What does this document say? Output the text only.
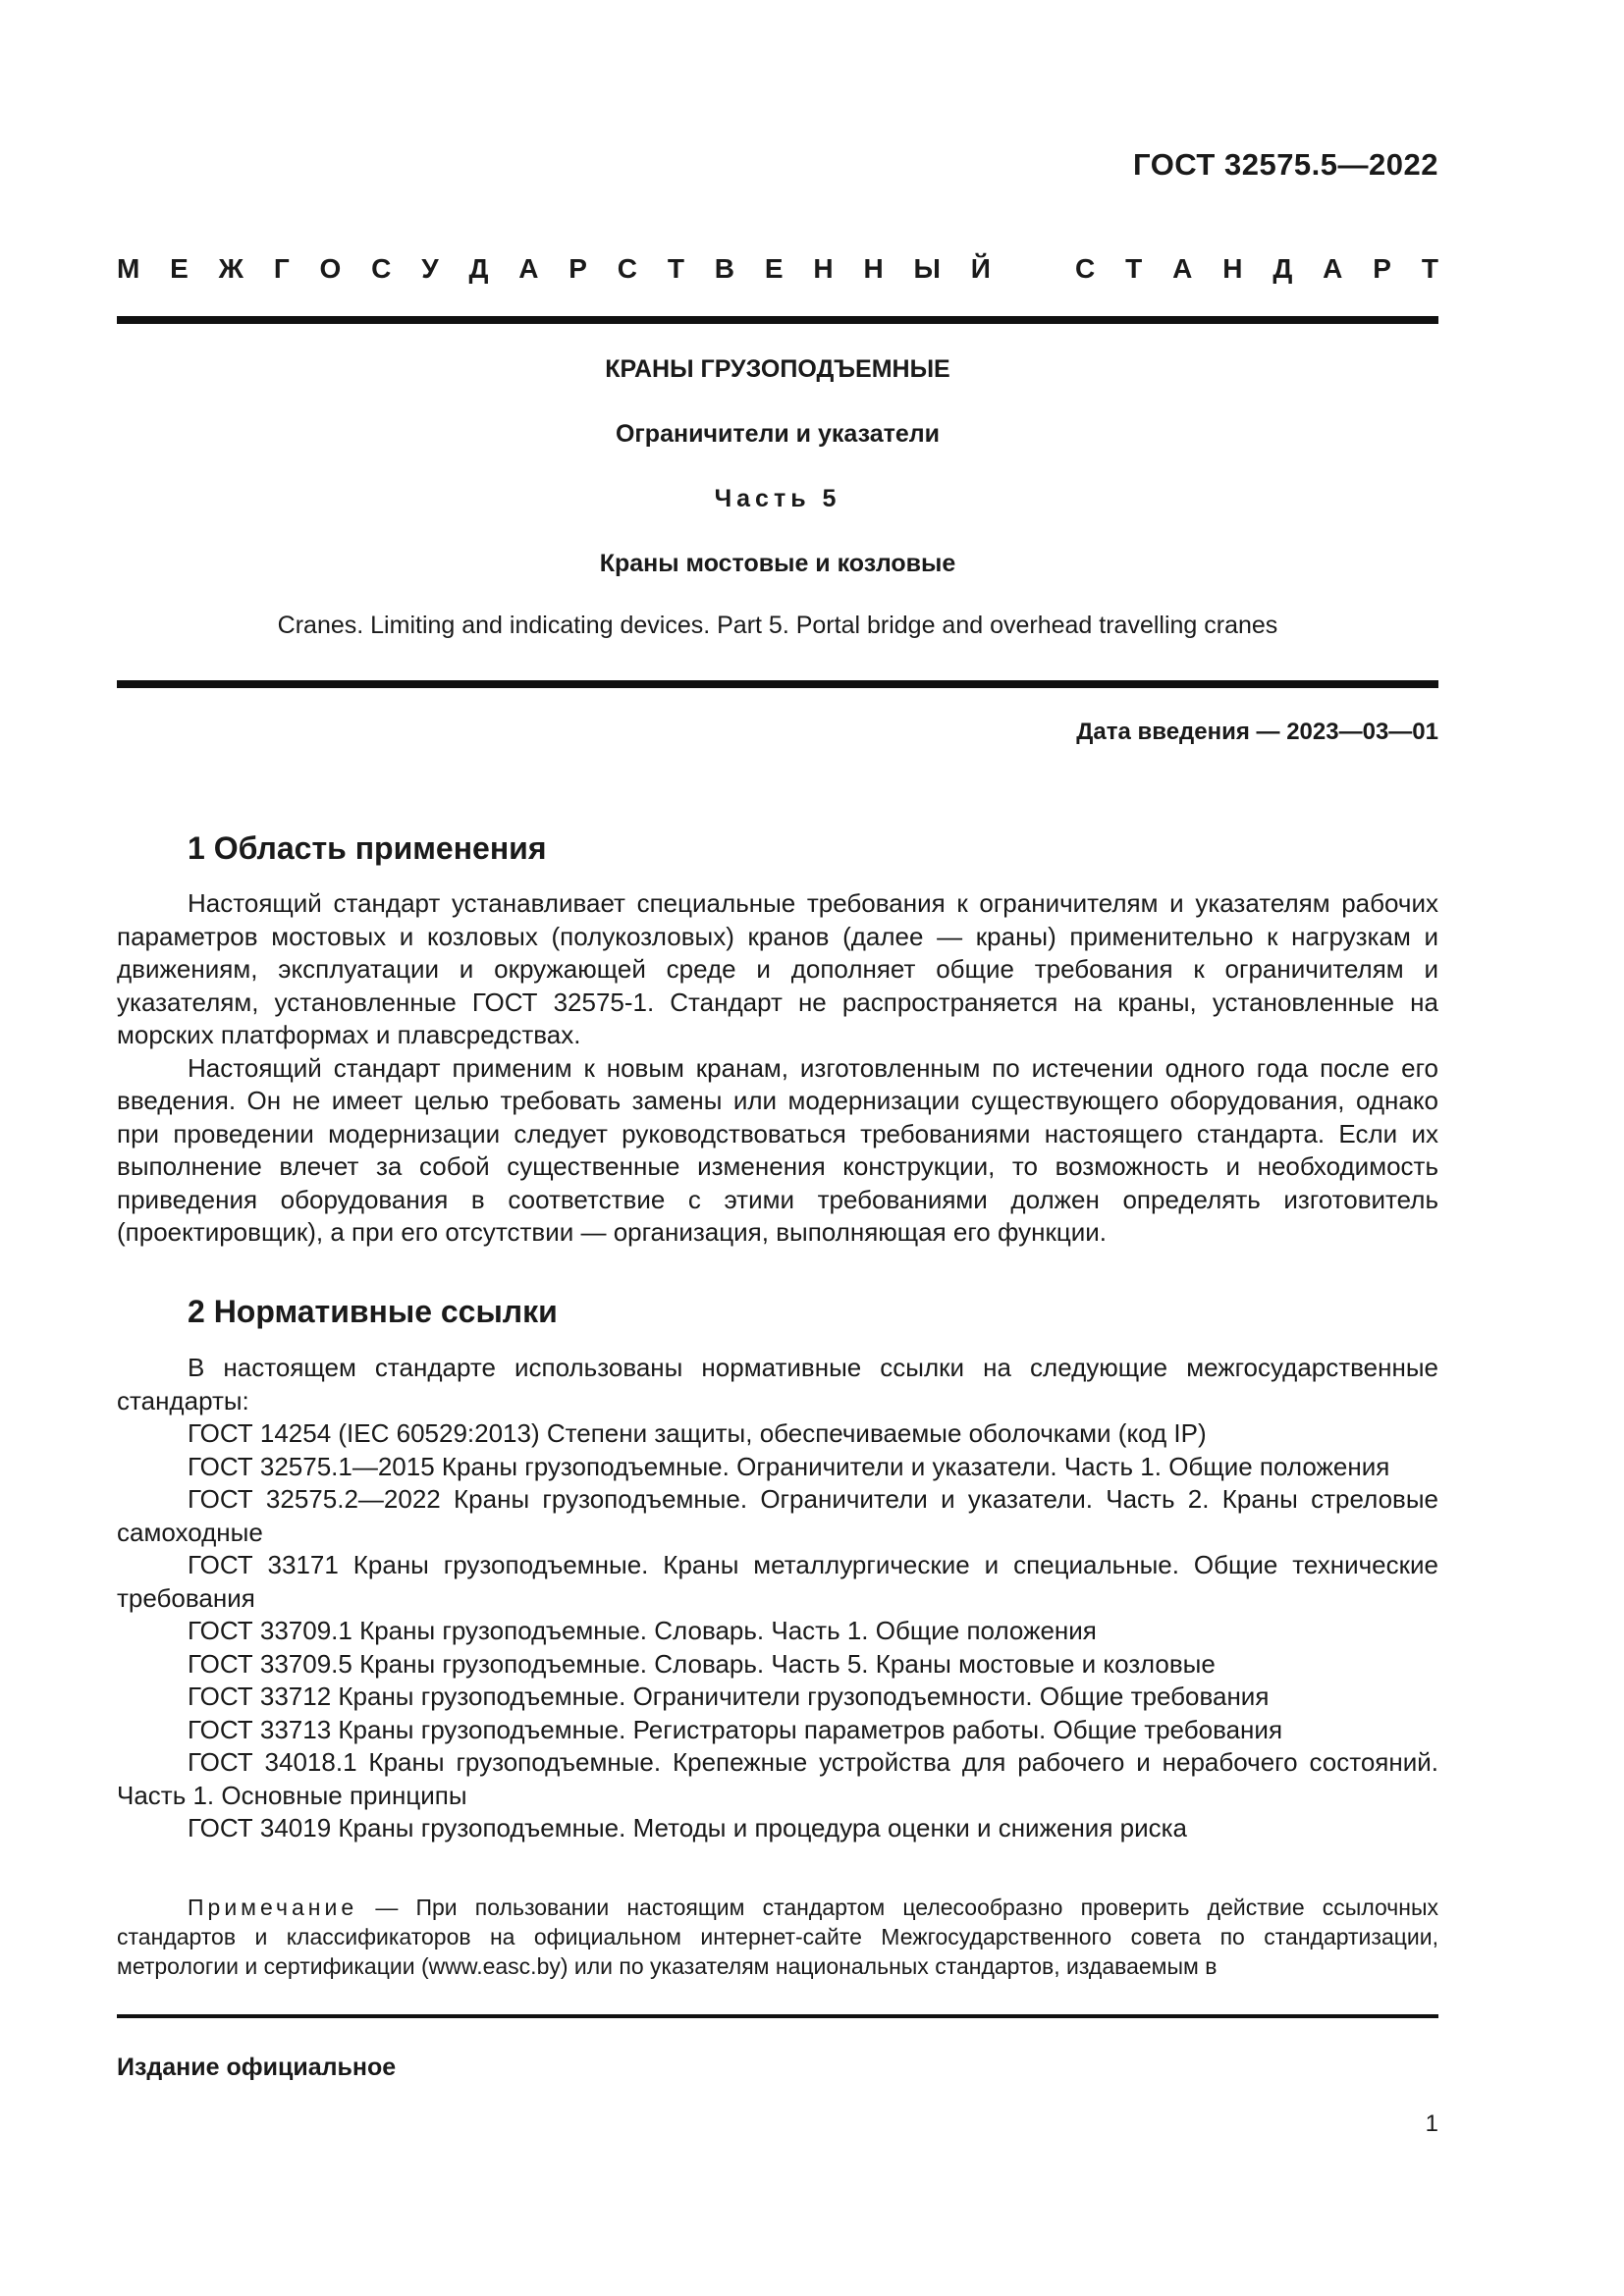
ГОСТ 32575.5—2022
М Е Ж Г О С У Д А Р С Т В Е Н Н Ы Й	С Т А Н Д А Р Т
КРАНЫ ГРУЗОПОДЪЕМНЫЕ
Ограничители и указатели
Часть 5
Краны мостовые и козловые
Cranes. Limiting and indicating devices. Part 5. Portal bridge and overhead travelling cranes
Дата введения — 2023—03—01
1 Область применения

Настоящий стандарт устанавливает специальные требования к ограничителям и указателям рабочих параметров мостовых и козловых (полукозловых) кранов (далее — краны) применительно к нагрузкам и движениям, эксплуатации и окружающей среде и дополняет общие требования к ограничителям и указателям, установленные ГОСТ 32575-1. Стандарт не распространяется на краны, установленные на морских платформах и плавсредствах.

Настоящий стандарт применим к новым кранам, изготовленным по истечении одного года после его введения. Он не имеет целью требовать замены или модернизации существующего оборудования, однако при проведении модернизации следует руководствоваться требованиями настоящего стандарта. Если их выполнение влечет за собой существенные изменения конструкции, то возможность и необходимость приведения оборудования в соответствие с этими требованиями должен определять изготовитель (проектировщик), а при его отсутствии — организация, выполняющая его функции.

2 Нормативные ссылки

В настоящем стандарте использованы нормативные ссылки на следующие межгосударственные стандарты:

ГОСТ 14254 (IEC 60529:2013) Степени защиты, обеспечиваемые оболочками (код IP)

ГОСТ 32575.1—2015 Краны грузоподъемные. Ограничители и указатели. Часть 1. Общие положения

ГОСТ 32575.2—2022 Краны грузоподъемные. Ограничители и указатели. Часть 2. Краны стреловые самоходные

ГОСТ 33171 Краны грузоподъемные. Краны металлургические и специальные. Общие технические требования

ГОСТ 33709.1 Краны грузоподъемные. Словарь. Часть 1. Общие положения

ГОСТ 33709.5 Краны грузоподъемные. Словарь. Часть 5. Краны мостовые и козловые

ГОСТ 33712 Краны грузоподъемные. Ограничители грузоподъемности. Общие требования

ГОСТ 33713 Краны грузоподъемные. Регистраторы параметров работы. Общие требования

ГОСТ 34018.1 Краны грузоподъемные. Крепежные устройства для рабочего и нерабочего состояний. Часть 1. Основные принципы

ГОСТ 34019 Краны грузоподъемные. Методы и процедура оценки и снижения риска

Примечание — При пользовании настоящим стандартом целесообразно проверить действие ссылочных стандартов и классификаторов на официальном интернет-сайте Межгосударственного совета по стандартизации, метрологии и сертификации (www.easc.by) или по указателям национальных стандартов, издаваемым в
Издание официальное
1
